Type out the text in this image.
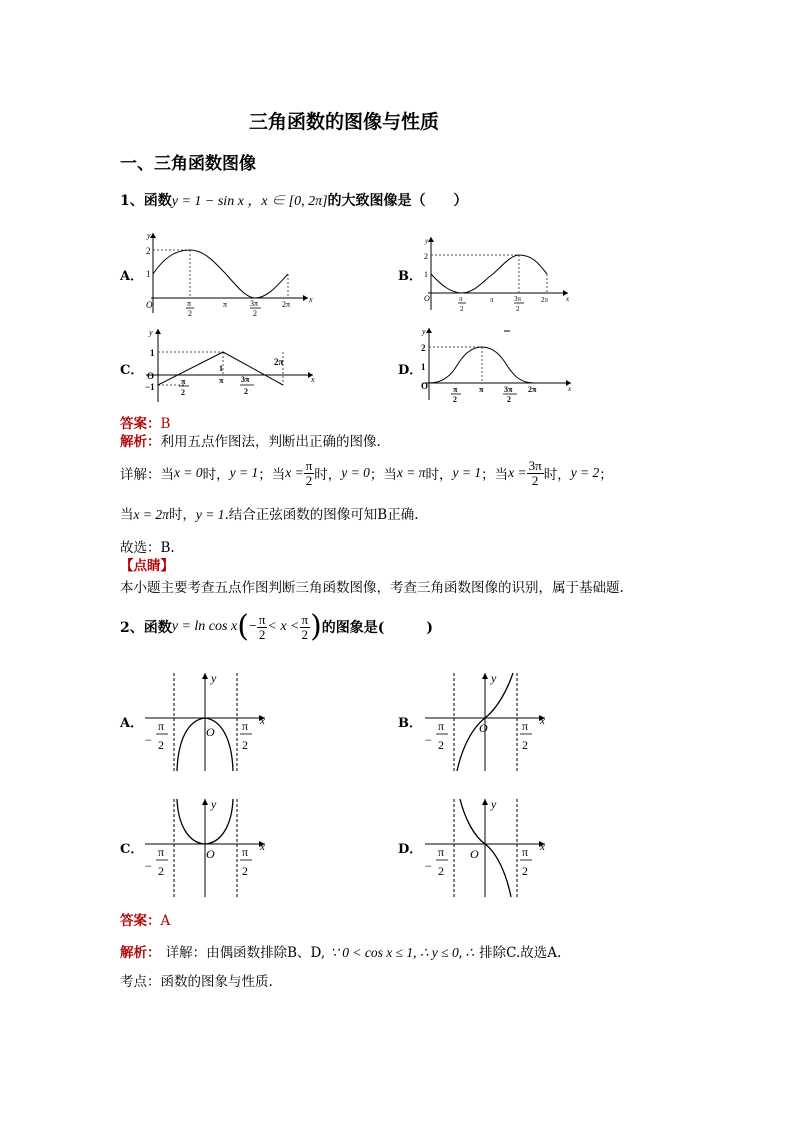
三角函数的图像与性质
一、三角函数图像
1、函数y = 1 − sin x ，x ∈ [0, 2π]的大致图像是（　　）
A．	B．
C．	D．
2
1
y
x
O	π
2
π	3π
2
2π
2
1
y
x
O	π
2
π	3π
2
2π
y
1
O
−1
x
π
2
1
π 3π
2
2π
y
2
1
O	π
2
π	3π
2
2π	x
答案：B
解析：利用五点作图法，判断出正确的图像.
详解：当 x = 0 时， y = 1 ；当 $x = \frac{\pi}{2}$ 时， y = 0 ；当 x = π 时， y = 1 ；当 $x = \frac{3\pi}{2}$ 时， y = 2 ；
当x = 2π时，y = 1.结合正弦函数的图像可知B正确.
故选：B.
【点睛】
本小题主要考查五点作图判断三角函数图像，考查三角函数图像的识别，属于基础题.
2、函数 y = ln cos x ( − $\frac{\pi}{2} < x < \frac{\pi}{2}$ ) 的图象是(　　　)
A．	B．
C．	D．
y
x
O
−
π
2
π
2
y
x
O
−
π
2
π
2
y
x
O
−
π
2
π
2
y
x
O
−
π
2
π
2
答案：A
解析： 详解：由偶函数排除B、D, ∵ 0 < cos x ≤ 1, ∴ y ≤ 0, ∴ 排除C.故选A.
考点：函数的图象与性质.
